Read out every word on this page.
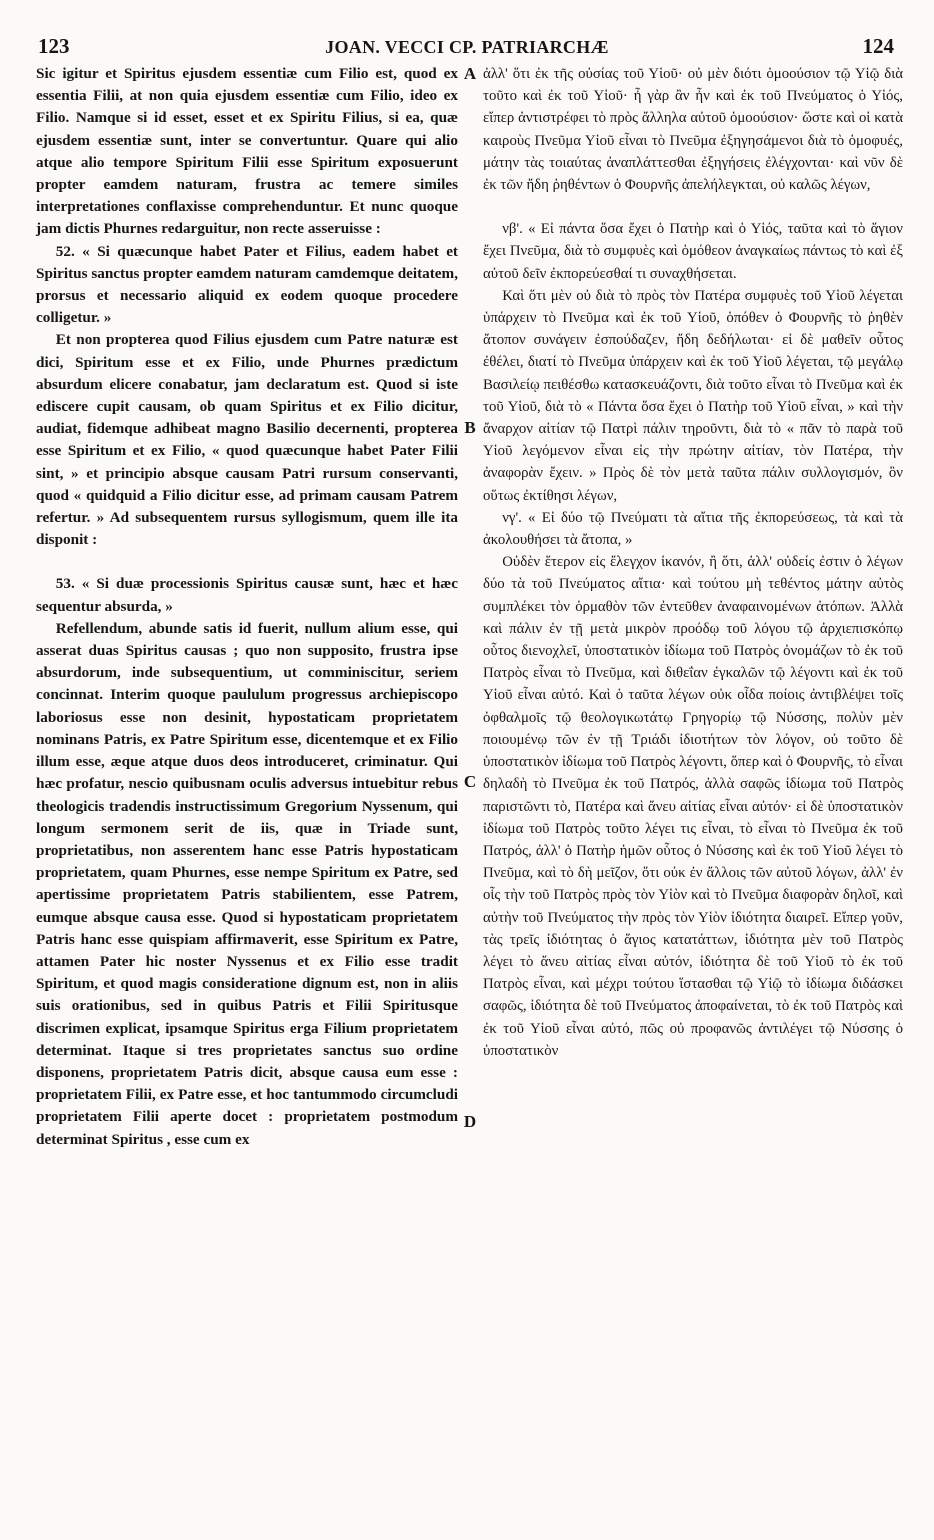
123	JOAN. VECCI CP. PATRIARCHÆ	124

Sic igitur et Spiritus ejusdem essentiæ cum Filio est, quod ex essentia Filii, at non quia ejusdem essentiæ cum Filio, ideo ex Filio. Namque si id esset, esset et ex Spiritu Filius, si ea, quæ ejusdem essentiæ sunt, inter se convertuntur. Quare qui alio atque alio tempore Spiritum Filii esse Spiritum exposuerunt propter eamdem naturam, frustra ac temere similes interpretationes conflaxisse comprehenduntur. Et nunc quoque jam dictis Phurnes redarguitur, non recte asseruisse :

52. « Si quæcunque habet Pater et Filius, eadem habet et Spiritus sanctus propter eamdem naturam camdemque deitatem, prorsus et necessario aliquid ex eodem quoque procedere colligetur. »

Et non propterea quod Filius ejusdem cum Patre naturæ est dici, Spiritum esse et ex Filio, unde Phurnes prædictum absurdum elicere conabatur, jam declaratum est. Quod si iste ediscere cupit causam, ob quam Spiritus et ex Filio dicitur, audiat, fidemque adhibeat magno Basilio decernenti, propterea esse Spiritum et ex Filio, « quod quæcunque habet Pater Filii sint, » et principio absque causam Patri rursum conservanti, quod « quidquid a Filio dicitur esse, ad primam causam Patrem refertur. » Ad subsequentem rursus syllogismum, quem ille ita disponit :

53. « Si duæ processionis Spiritus causæ sunt, hæc et hæc sequentur absurda, »

Refellendum, abunde satis id fuerit, nullum alium esse, qui asserat duas Spiritus causas ; quo non supposito, frustra ipse absurdorum, inde subsequentium, ut comminiscitur, seriem concinnat. Interim quoque paululum progressus archiepiscopo laboriosus esse non desinit, hypostaticam proprietatem nominans Patris, ex Patre Spiritum esse, dicentemque et ex Filio illum esse, æque atque duos deos introduceret, criminatur. Qui hæc profatur, nescio quibusnam oculis adversus intuebitur rebus theologicis tradendis instructissimum Gregorium Nyssenum, qui longum sermonem serit de iis, quæ in Triade sunt, proprietatibus, non asserentem hanc esse Patris hypostaticam proprietatem, quam Phurnes, esse nempe Spiritum ex Patre, sed apertissime proprietatem Patris stabilientem, esse Patrem, eumque absque causa esse. Quod si hypostaticam proprietatem Patris hanc esse quispiam affirmaverit, esse Spiritum ex Patre, attamen Pater hic noster Nyssenus et ex Filio esse tradit Spiritum, et quod magis consideratione dignum est, non in aliis suis orationibus, sed in quibus Patris et Filii Spiritusque discrimen explicat, ipsamque Spiritus erga Filium proprietatem determinat. Itaque si tres proprietates sanctus suo ordine disponens, proprietatem Patris dicit, absque causa eum esse : proprietatem Filii, ex Patre esse, et hoc tantummodo circumcludi proprietatem Filii aperte docet : proprietatem postmodum determinat Spiritus , esse cum ex

A
B
C
D

ἀλλ' ὅτι ἐκ τῆς οὐσίας τοῦ Υἱοῦ· οὐ μὲν διότι ὁμοούσιον τῷ Υἱῷ διὰ τοῦτο καὶ ἐκ τοῦ Υἱοῦ· ἦ γὰρ ἂν ἦν καὶ ἐκ τοῦ Πνεύματος ὁ Υἱός, εἴπερ ἀντιστρέφει τὸ πρὸς ἄλληλα αὐτοῦ ὁμοούσιον· ὥστε καὶ οἱ κατὰ καιροὺς Πνεῦμα Υἱοῦ εἶναι τὸ Πνεῦμα ἐξηγησάμενοι διὰ τὸ ὁμοφυές, μάτην τὰς τοιαύτας ἀναπλάττεσθαι ἐξηγήσεις ἐλέγχονται· καὶ νῦν δὲ ἐκ τῶν ἤδη ῥηθέντων ὁ Φουρνῆς ἀπελήλεγκται, οὐ καλῶς λέγων,

νβ'. « Εἰ πάντα ὅσα ἔχει ὁ Πατὴρ καὶ ὁ Υἱός, ταῦτα καὶ τὸ ἅγιον ἔχει Πνεῦμα, διὰ τὸ συμφυὲς καὶ ὁμόθεον ἀναγκαίως πάντως τὸ καὶ ἐξ αὐτοῦ δεῖν ἐκπορεύεσθαί τι συναχθήσεται.

Καὶ ὅτι μὲν οὐ διὰ τὸ πρὸς τὸν Πατέρα συμφυὲς τοῦ Υἱοῦ λέγεται ὑπάρχειν τὸ Πνεῦμα καὶ ἐκ τοῦ Υἱοῦ, ὁπόθεν ὁ Φουρνῆς τὸ ῥηθὲν ἄτοπον συνάγειν ἐσπούδαζεν, ἤδη δεδήλωται· εἰ δὲ μαθεῖν οὗτος ἐθέλει, διατί τὸ Πνεῦμα ὑπάρχειν καὶ ἐκ τοῦ Υἱοῦ λέγεται, τῷ μεγάλῳ Βασιλείῳ πειθέσθω κατασκευάζοντι, διὰ τοῦτο εἶναι τὸ Πνεῦμα καὶ ἐκ τοῦ Υἱοῦ, διὰ τὸ « Πάντα ὅσα ἔχει ὁ Πατὴρ τοῦ Υἱοῦ εἶναι, » καὶ τὴν ἄναρχον αἰτίαν τῷ Πατρὶ πάλιν τηροῦντι, διὰ τὸ « πᾶν τὸ παρὰ τοῦ Υἱοῦ λεγόμενον εἶναι εἰς τὴν πρώτην αἰτίαν, τὸν Πατέρα, τὴν ἀναφορὰν ἔχειν. » Πρὸς δὲ τὸν μετὰ ταῦτα πάλιν συλλογισμόν, ὃν οὕτως ἐκτίθησι λέγων,

νγ'. « Εἰ δύο τῷ Πνεύματι τὰ αἴτια τῆς ἐκπορεύσεως, τὰ καὶ τὰ ἀκολουθήσει τὰ ἄτοπα, »

Οὐδὲν ἕτερον εἰς ἔλεγχον ἱκανόν, ἢ ὅτι, ἀλλ' οὐδείς ἐστιν ὁ λέγων δύο τὰ τοῦ Πνεύματος αἴτια· καὶ τούτου μὴ τεθέντος μάτην αὐτὸς συμπλέκει τὸν ὁρμαθὸν τῶν ἐντεῦθεν ἀναφαινομένων ἀτόπων. Ἀλλὰ καὶ πάλιν ἐν τῇ μετὰ μικρὸν προόδῳ τοῦ λόγου τῷ ἀρχιεπισκόπῳ οὗτος διενοχλεῖ, ὑποστατικὸν ἰδίωμα τοῦ Πατρὸς ὀνομάζων τὸ ἐκ τοῦ Πατρὸς εἶναι τὸ Πνεῦμα, καὶ διθεΐαν ἐγκαλῶν τῷ λέγοντι καὶ ἐκ τοῦ Υἱοῦ εἶναι αὐτό. Καὶ ὁ ταῦτα λέγων οὐκ οἶδα ποίοις ἀντιβλέψει τοῖς ὀφθαλμοῖς τῷ θεολογικωτάτῳ Γρηγορίῳ τῷ Νύσσης, πολὺν μὲν ποιουμένῳ τῶν ἐν τῇ Τριάδι ἰδιοτήτων τὸν λόγον, οὐ τοῦτο δὲ ὑποστατικὸν ἰδίωμα τοῦ Πατρὸς λέγοντι, ὅπερ καὶ ὁ Φουρνῆς, τὸ εἶναι δηλαδὴ τὸ Πνεῦμα ἐκ τοῦ Πατρός, ἀλλὰ σαφῶς ἰδίωμα τοῦ Πατρὸς παριστῶντι τὸ, Πατέρα καὶ ἄνευ αἰτίας εἶναι αὐτόν· εἰ δὲ ὑποστατικὸν ἰδίωμα τοῦ Πατρὸς τοῦτο λέγει τις εἶναι, τὸ εἶναι τὸ Πνεῦμα ἐκ τοῦ Πατρός, ἀλλ' ὁ Πατὴρ ἡμῶν οὗτος ὁ Νύσσης καὶ ἐκ τοῦ Υἱοῦ λέγει τὸ Πνεῦμα, καὶ τὸ δὴ μεῖζον, ὅτι οὐκ ἐν ἄλλοις τῶν αὐτοῦ λόγων, ἀλλ' ἐν οἷς τὴν τοῦ Πατρὸς πρὸς τὸν Υἱὸν καὶ τὸ Πνεῦμα διαφορὰν δηλοῖ, καὶ αὐτὴν τοῦ Πνεύματος τὴν πρὸς τὸν Υἱὸν ἰδιότητα διαιρεῖ. Εἴπερ γοῦν, τὰς τρεῖς ἰδιότητας ὁ ἅγιος κατατάττων, ἰδιότητα μὲν τοῦ Πατρὸς λέγει τὸ ἄνευ αἰτίας εἶναι αὐτόν, ἰδιότητα δὲ τοῦ Υἱοῦ τὸ ἐκ τοῦ Πατρὸς εἶναι, καὶ μέχρι τούτου ἵστασθαι τῷ Υἱῷ τὸ ἰδίωμα διδάσκει σαφῶς, ἰδιότητα δὲ τοῦ Πνεύματος ἀποφαίνεται, τὸ ἐκ τοῦ Πατρὸς καὶ ἐκ τοῦ Υἱοῦ εἶναι αὐτό, πῶς οὐ προφανῶς ἀντιλέγει τῷ Νύσσης ὁ ὑποστατικὸν
